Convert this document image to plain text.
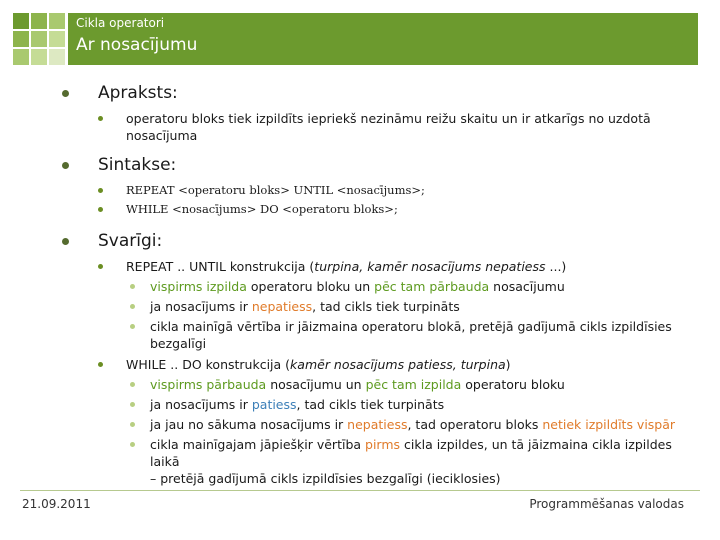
Cikla operatori
Ar nosacījumu	24
Apraksts:
operatoru bloks tiek izpildīts iepriekš nezināmu reižu skaitu un ir atkarīgs no uzdotā
nosacījuma
Sintakse:
REPEAT <operatoru bloks> UNTIL <nosacījums>;
WHILE <nosacījums> DO <operatoru bloks>;
Svarīgi:
REPEAT .. UNTIL konstrukcija (turpina, kamēr nosacījums nepatiess ...)
vispirms izpilda operatoru bloku un pēc tam pārbauda nosacījumu
ja nosacījums ir nepatiess, tad cikls tiek turpināts
cikla mainīgā vērtība ir jāizmaina operatoru blokā, pretējā gadījumā cikls izpildīsies
bezgalīgi
WHILE .. DO konstrukcija (kamēr nosacījums patiess, turpina)
vispirms pārbauda nosacījumu un pēc tam izpilda operatoru bloku
ja nosacījums ir patiess, tad cikls tiek turpināts
ja jau no sākuma nosacījums ir nepatiess, tad operatoru bloks netiek izpildīts vispār
cikla mainīgajam jāpiešķir vērtība pirms cikla izpildes, un tā jāizmaina cikla izpildes laikā
– pretējā gadījumā cikls izpildīsies bezgalīgi (ieciklosies)
21.09.2011	Programmēšanas valodas
